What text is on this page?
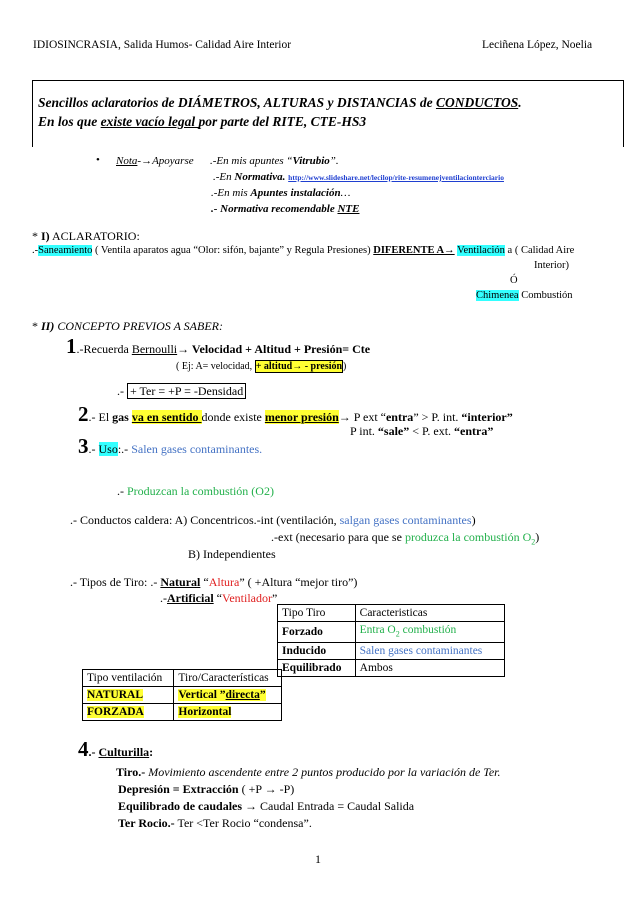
IDIOSINCRASIA, Salida Humos- Calidad Aire Interior	Leciñena López, Noelia
Sencillos aclaratorios de DIÁMETROS, ALTURAS y DISTANCIAS de CONDUCTOS.
En los que existe vacío legal por parte del RITE, CTE-HS3
• Nota-→Apoyarse .-En mis apuntes “Vitrubio”.
.-En Normativa. http://www.slideshare.net/lecilop/rite-resumenejventilacionterciario
.-En mis Apuntes instalación…
.- Normativa recomendable NTE
* I) ACLARATORIO:
.-Saneamiento ( Ventila aparatos agua “Olor: sifón, bajante” y Regula Presiones) DIFERENTE A→ Ventilación a ( Calidad Aire
Interior)
Ó
Chimenea Combustión
* II) CONCEPTO PREVIOS A SABER:
1.-Recuerda Bernoulli→ Velocidad + Altitud + Presión= Cte
( Ej: A= velocidad, + altitud→ - presión)
.- + Ter = +P = -Densidad
2.- El gas va en sentido donde existe menor presión→ P ext “entra” > P. int. “interior”
P int. “sale” < P. ext. “entra”
3.- Uso:.- Salen gases contaminantes.
.- Produzcan la combustión (O2)
.- Conductos caldera: A) Concentricos.-int (ventilación, salgan gases contaminantes)
.-ext (necesario para que se produzca la combustión $O_2$)
B) Independientes
.- Tipos de Tiro: .- Natural “Altura” ( +Altura “mejor tiro”)
.-Artificial “Ventilador”
Tipo Tiro	Caracteristicas
Forzado	Entra $O_2$ combustión
Inducido	Salen gases contaminantes
Equilibrado	Ambos
Tipo ventilación	Tiro/Características
NATURAL	Vertical ”directa”
FORZADA	Horizontal
4.- Culturilla:
Tiro.- Movimiento ascendente entre 2 puntos producido por la variación de Ter.
Depresión = Extracción ( +P → -P)
Equilibrado de caudales → Caudal Entrada = Caudal Salida
Ter Rocio.- Ter <Ter Rocio “condensa”.
1
